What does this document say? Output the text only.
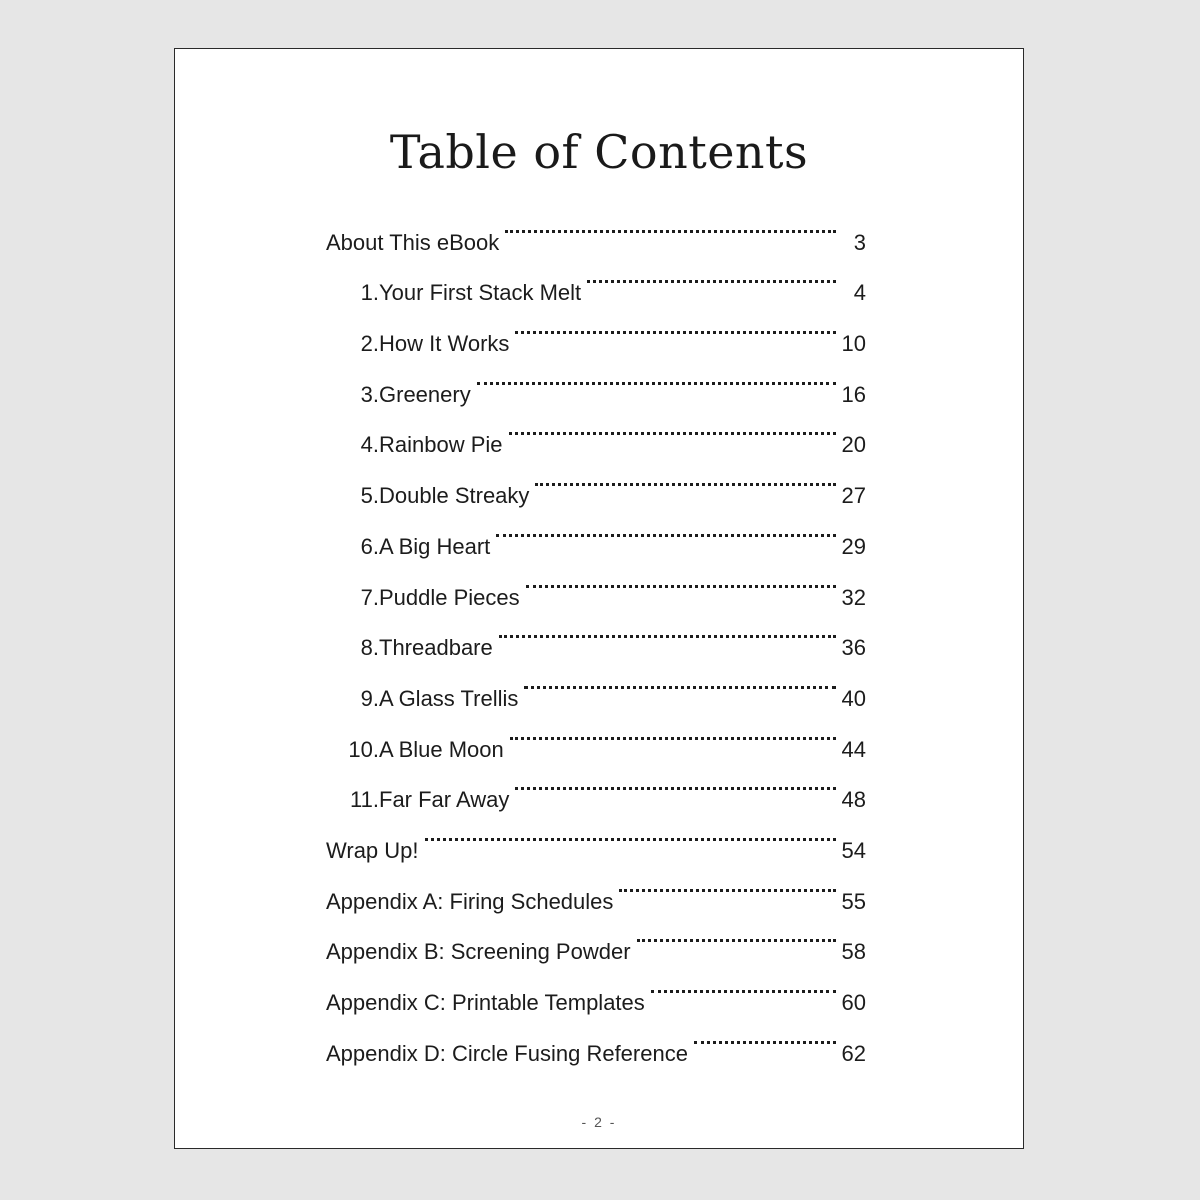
Table of Contents
About This eBook	3
1. Your First Stack Melt	4
2. How It Works	10
3. Greenery	16
4. Rainbow Pie	20
5. Double Streaky	27
6. A Big Heart	29
7. Puddle Pieces	32
8. Threadbare	36
9. A Glass Trellis	40
10. A Blue Moon	44
11. Far Far Away	48
Wrap Up!	54
Appendix A: Firing Schedules	55
Appendix B: Screening Powder	58
Appendix C: Printable Templates	60
Appendix D: Circle Fusing Reference	62
- 2 -
